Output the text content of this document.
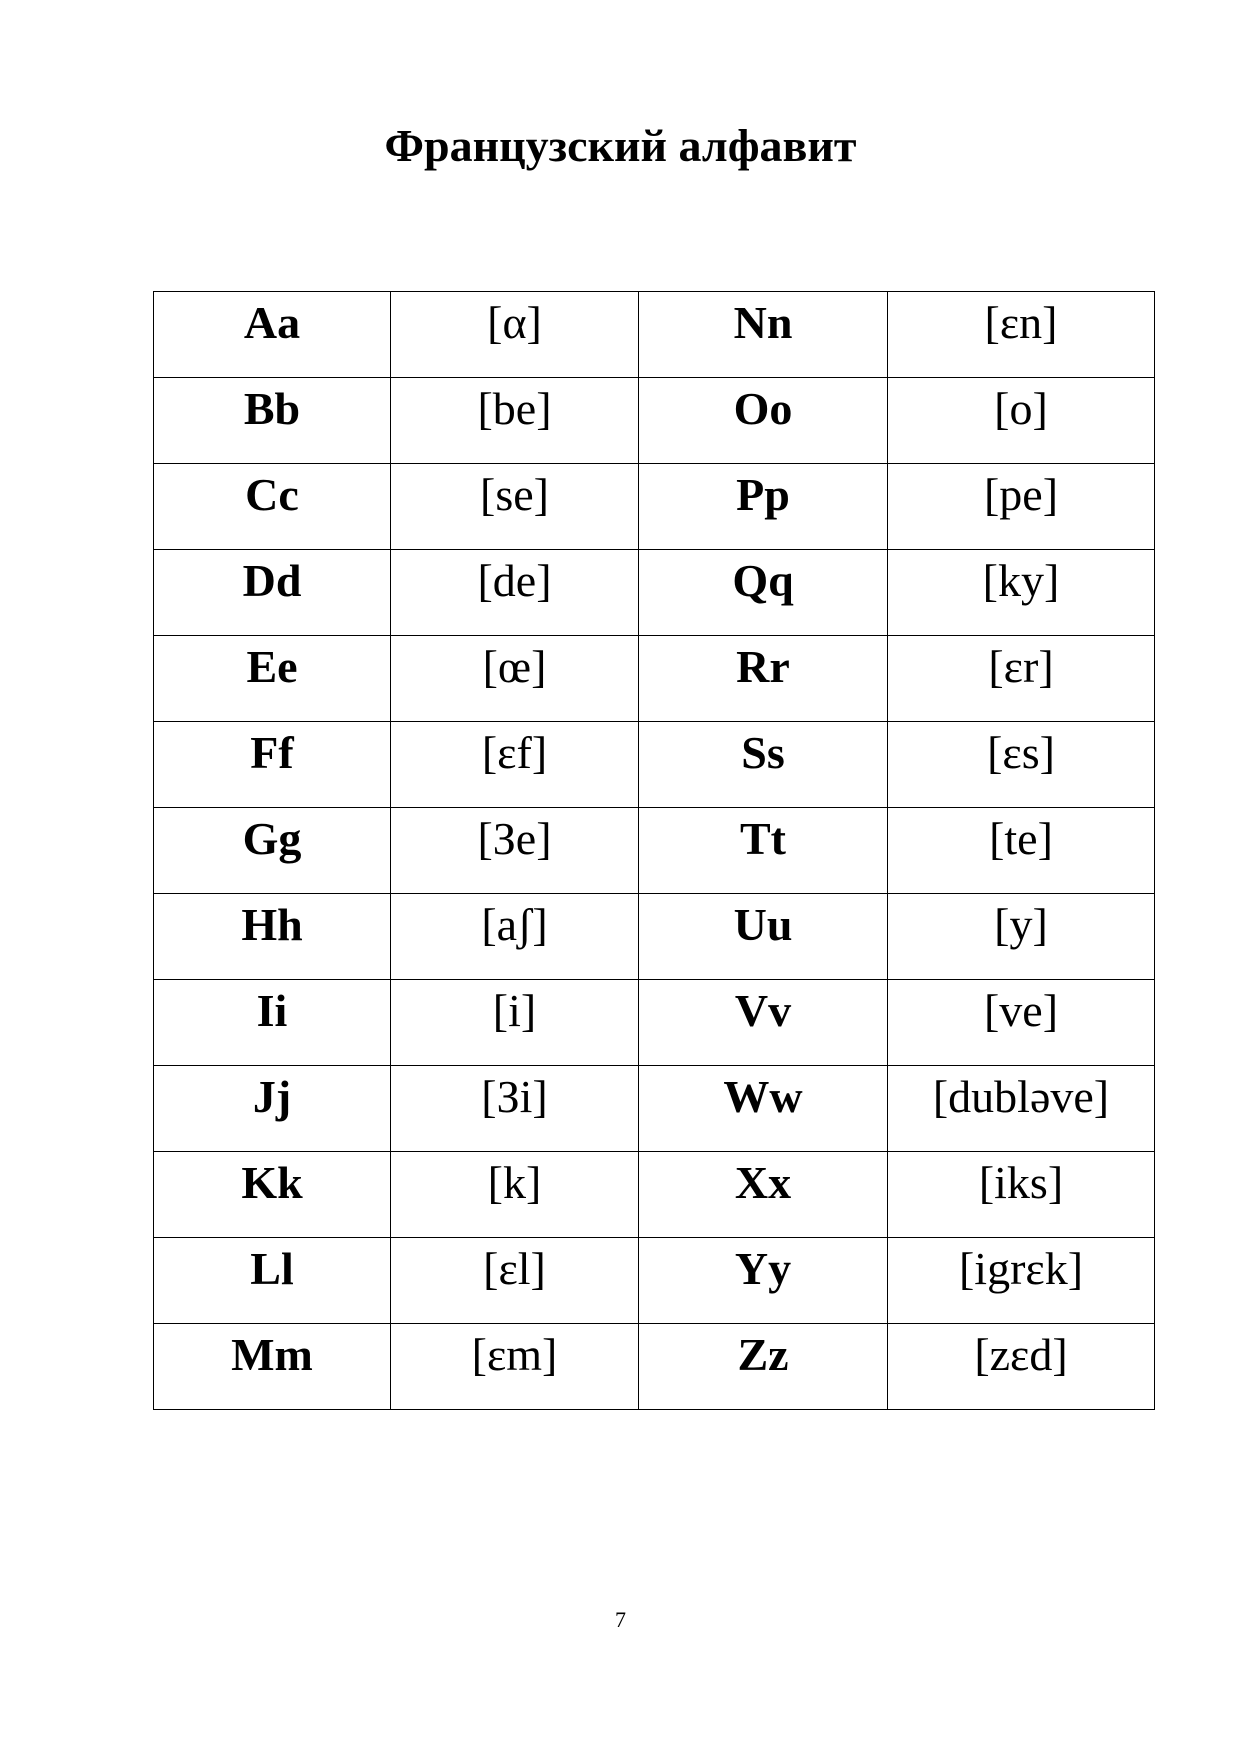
Французский алфавит
Aa	[α]	Nn	[ɛn]

Bb	[be]	Oo	[o]

Cc	[se]	Pp	[pe]

Dd	[de]	Qq	[ky]

Ee	[œ]	Rr	[ɛr]

Ff	[ɛf]	Ss	[ɛs]

Gg	[Зe]	Tt	[te]

Hh	[aʃ]	Uu	[y]

Ii	[i]	Vv	[ve]

Jj	[Зi]	Ww	[dubləve]

Kk	[k]	Xx	[iks]

Ll	[εl]	Yy	[igrɛk]

Mm	[ɛm]	Zz	[zɛd]
7
